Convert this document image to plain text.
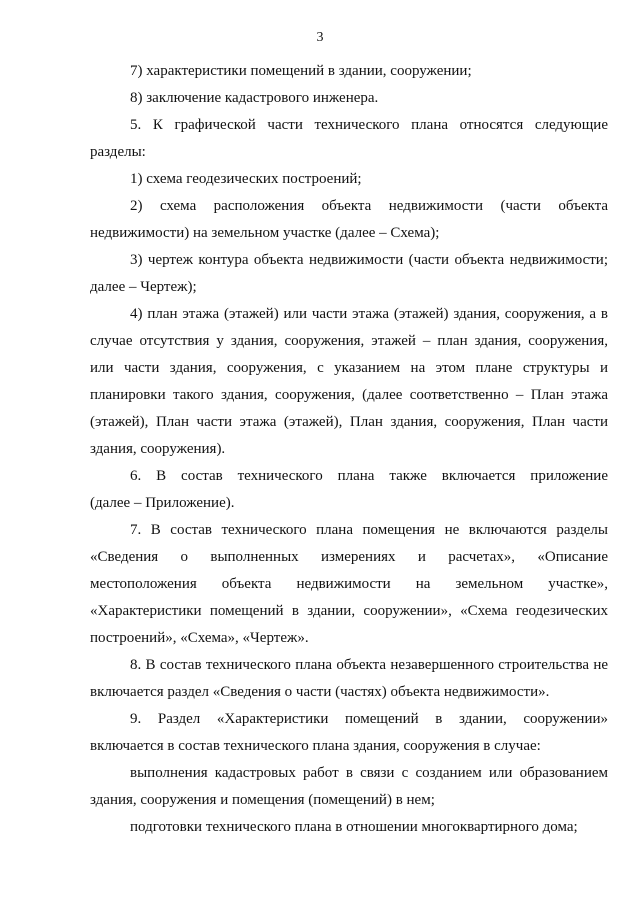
3
7) характеристики помещений в здании, сооружении;
8) заключение кадастрового инженера.
5. К графической части технического плана относятся следующие
разделы:
1) схема геодезических построений;
2) схема расположения объекта недвижимости (части объекта
недвижимости) на земельном участке (далее – Схема);
3) чертеж контура объекта недвижимости (части объекта недвижимости;
далее – Чертеж);
4) план этажа (этажей) или части этажа (этажей) здания, сооружения, а в
случае отсутствия у здания, сооружения, этажей – план здания, сооружения,
или части здания, сооружения, с указанием на этом плане структуры и
планировки такого здания, сооружения, (далее соответственно – План этажа
(этажей), План части этажа (этажей), План здания, сооружения, План части
здания, сооружения).
6. В состав технического плана также включается приложение
(далее – Приложение).
7. В состав технического плана помещения не включаются разделы
«Сведения о выполненных измерениях и расчетах», «Описание
местоположения объекта недвижимости на земельном участке»,
«Характеристики помещений в здании, сооружении», «Схема геодезических
построений», «Схема», «Чертеж».
8. В состав технического плана объекта незавершенного строительства не
включается раздел «Сведения о части (частях) объекта недвижимости».
9. Раздел «Характеристики помещений в здании, сооружении»
включается в состав технического плана здания, сооружения в случае:
выполнения кадастровых работ в связи с созданием или образованием
здания, сооружения и помещения (помещений) в нем;
подготовки технического плана в отношении многоквартирного дома;
